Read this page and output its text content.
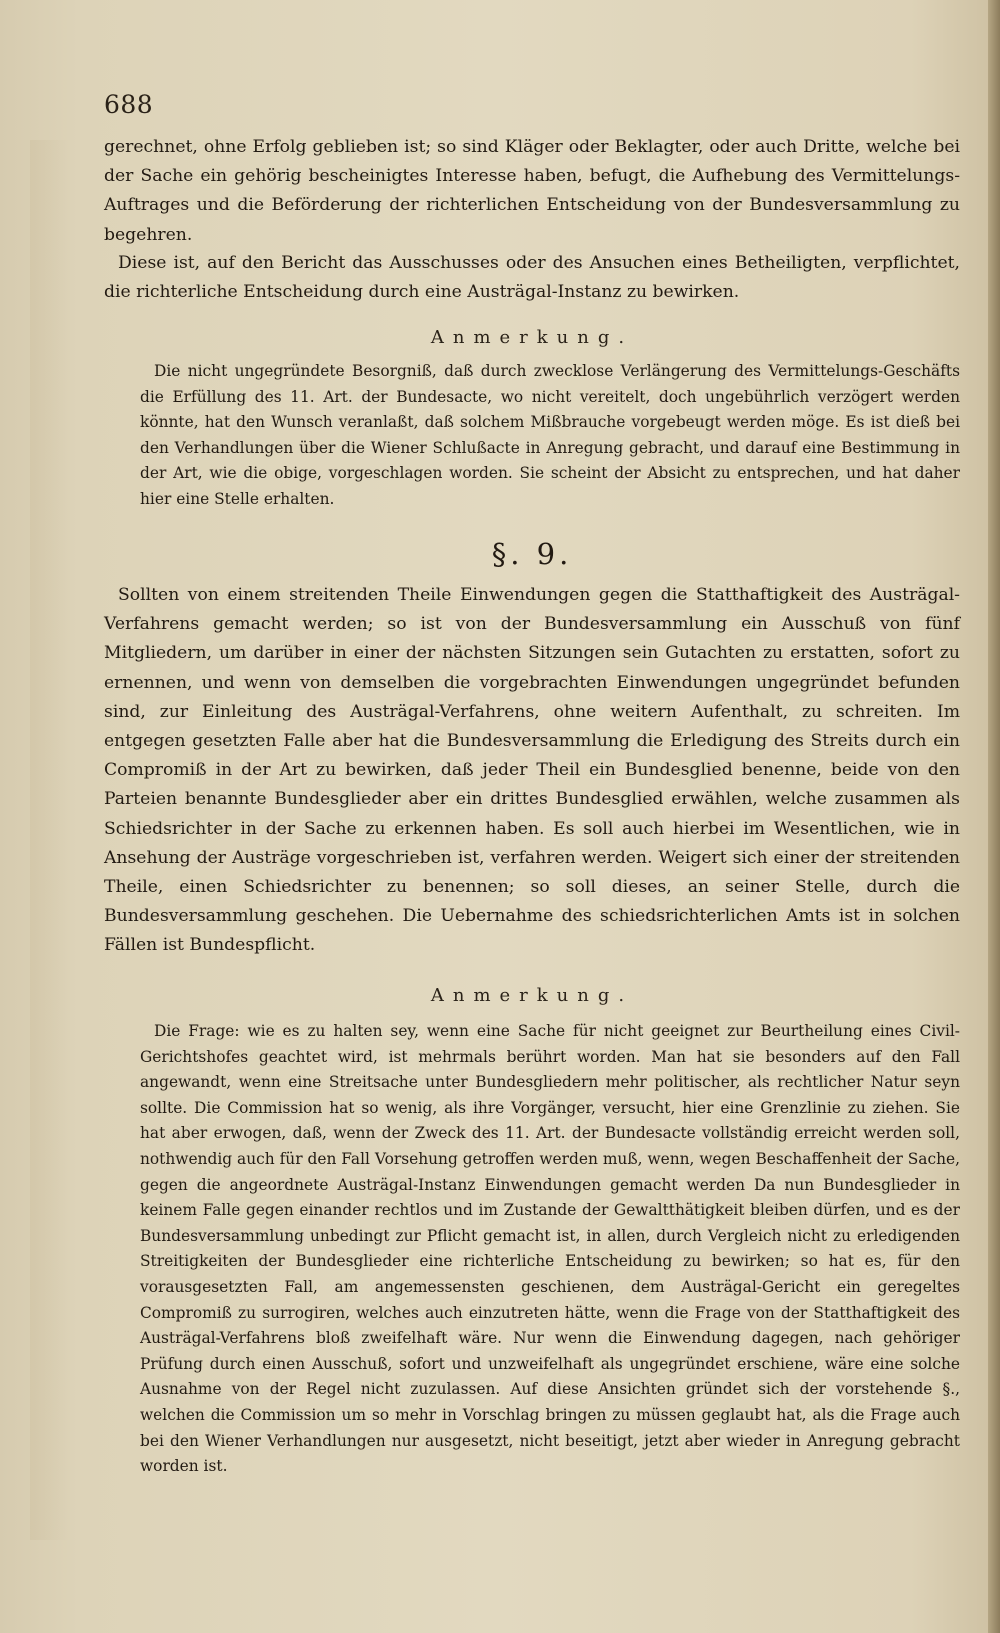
688

gerechnet, ohne Erfolg geblieben ist; so sind Kläger oder Beklagter, oder auch Dritte, welche bei der Sache ein gehörig bescheinigtes Interesse haben, befugt, die Aufhebung des Vermittelungs-Auftrages und die Beförderung der richterlichen Entscheidung von der Bundesversammlung zu begehren.

Diese ist, auf den Bericht das Ausschusses oder des Ansuchen eines Betheiligten, verpflichtet, die richterliche Entscheidung durch eine Austrägal-Instanz zu bewirken.

Anmerkung.

Die nicht ungegründete Besorgniß, daß durch zwecklose Verlängerung des Vermittelungs-Geschäfts die Erfüllung des 11. Art. der Bundesacte, wo nicht vereitelt, doch ungebührlich verzögert werden könnte, hat den Wunsch veranlaßt, daß solchem Mißbrauche vorgebeugt werden möge. Es ist dieß bei den Verhandlungen über die Wiener Schlußacte in Anregung gebracht, und darauf eine Bestimmung in der Art, wie die obige, vorgeschlagen worden. Sie scheint der Absicht zu entsprechen, und hat daher hier eine Stelle erhalten.

§. 9.

Sollten von einem streitenden Theile Einwendungen gegen die Statthaftigkeit des Austrägal-Verfahrens gemacht werden; so ist von der Bundesversammlung ein Ausschuß von fünf Mitgliedern, um darüber in einer der nächsten Sitzungen sein Gutachten zu erstatten, sofort zu ernennen, und wenn von demselben die vorgebrachten Einwendungen ungegründet befunden sind, zur Einleitung des Austrägal-Verfahrens, ohne weitern Aufenthalt, zu schreiten. Im entgegen gesetzten Falle aber hat die Bundesversammlung die Erledigung des Streits durch ein Compromiß in der Art zu bewirken, daß jeder Theil ein Bundesglied benenne, beide von den Parteien benannte Bundesglieder aber ein drittes Bundesglied erwählen, welche zusammen als Schiedsrichter in der Sache zu erkennen haben. Es soll auch hierbei im Wesentlichen, wie in Ansehung der Austräge vorgeschrieben ist, verfahren werden. Weigert sich einer der streitenden Theile, einen Schiedsrichter zu benennen; so soll dieses, an seiner Stelle, durch die Bundesversammlung geschehen. Die Uebernahme des schiedsrichterlichen Amts ist in solchen Fällen ist Bundespflicht.

Anmerkung.

Die Frage: wie es zu halten sey, wenn eine Sache für nicht geeignet zur Beurtheilung eines Civil-Gerichtshofes geachtet wird, ist mehrmals berührt worden. Man hat sie besonders auf den Fall angewandt, wenn eine Streitsache unter Bundesgliedern mehr politischer, als rechtlicher Natur seyn sollte. Die Commission hat so wenig, als ihre Vorgänger, versucht, hier eine Grenzlinie zu ziehen. Sie hat aber erwogen, daß, wenn der Zweck des 11. Art. der Bundesacte vollständig erreicht werden soll, nothwendig auch für den Fall Vorsehung getroffen werden muß, wenn, wegen Beschaffenheit der Sache, gegen die angeordnete Austrägal-Instanz Einwendungen gemacht werden Da nun Bundesglieder in keinem Falle gegen einander rechtlos und im Zustande der Gewaltthätigkeit bleiben dürfen, und es der Bundesversammlung unbedingt zur Pflicht gemacht ist, in allen, durch Vergleich nicht zu erledigenden Streitigkeiten der Bundesglieder eine richterliche Entscheidung zu bewirken; so hat es, für den vorausgesetzten Fall, am angemessensten geschienen, dem Austrägal-Gericht ein geregeltes Compromiß zu surrogiren, welches auch einzutreten hätte, wenn die Frage von der Statthaftigkeit des Austrägal-Verfahrens bloß zweifelhaft wäre. Nur wenn die Einwendung dagegen, nach gehöriger Prüfung durch einen Ausschuß, sofort und unzweifelhaft als ungegründet erschiene, wäre eine solche Ausnahme von der Regel nicht zuzulassen. Auf diese Ansichten gründet sich der vorstehende §., welchen die Commission um so mehr in Vorschlag bringen zu müssen geglaubt hat, als die Frage auch bei den Wiener Verhandlungen nur ausgesetzt, nicht beseitigt, jetzt aber wieder in Anregung gebracht worden ist.
